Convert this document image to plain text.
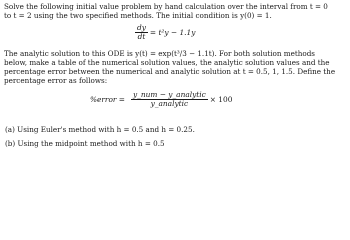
Solve the following initial value problem by hand calculation over the interval from t = 0
to t = 2 using the two specified methods. The initial condition is y(0) = 1.
$\frac{dy}{dt} = t^2y - 1.1y$
The analytic solution to this ODE is y(t) = exp(t³/3 − 1.1t). For both solution methods
below, make a table of the numerical solution values, the analytic solution values and the
percentage error between the numerical and analytic solution at t = 0.5, 1, 1.5. Define the
percentage error as follows:
%error = $\frac{\text{y\_num − y\_analytic}}{\text{y\_analytic}} \times 100$
(a) Using Euler's method with h = 0.5 and h = 0.25.
(b) Using the midpoint method with h = 0.5
